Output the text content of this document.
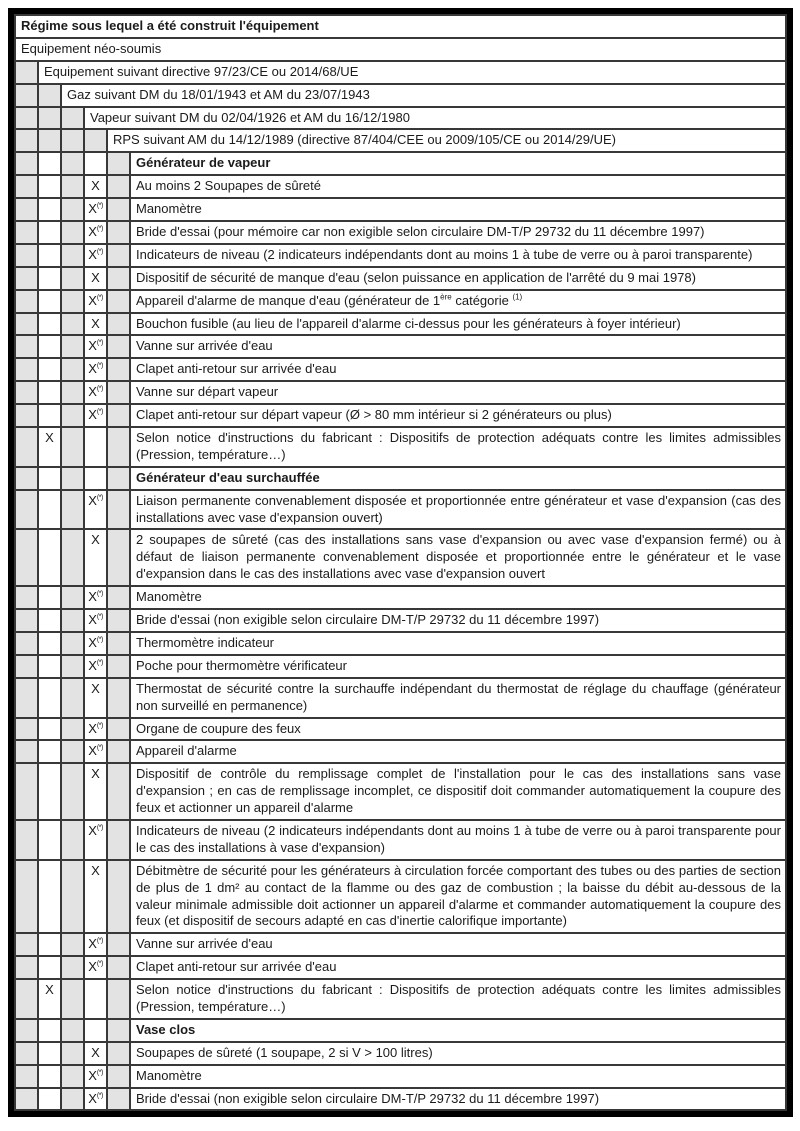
Régime sous lequel a été construit l'équipement					
Equipement néo-soumis					
	Equipement suivant directive 97/23/CE ou 2014/68/UE				
		Gaz suivant DM du 18/01/1943 et AM du 23/07/1943			
			Vapeur suivant DM du 02/04/1926 et AM du 16/12/1980		
				RPS suivant AM du 14/12/1989 (directive 87/404/CEE ou 2009/105/CE ou 2014/29/UE)	
					Générateur de vapeur
			X		Au moins 2 Soupapes de sûreté
			X(*)		Manomètre
			X(*)		Bride d'essai (pour mémoire car non exigible selon circulaire DM-T/P 29732 du 11 décembre 1997)
			X(*)		Indicateurs de niveau (2 indicateurs indépendants dont au moins 1 à tube de verre ou à paroi transparente)
			X		Dispositif de sécurité de manque d'eau (selon puissance en application de l'arrêté du 9 mai 1978)
			X(*)		Appareil d'alarme de manque d'eau (générateur de 1ère catégorie $^{(1)}$
			X		Bouchon fusible (au lieu de l'appareil d'alarme ci-dessus pour les générateurs à foyer intérieur)
			X(*)		Vanne sur arrivée d'eau
			X(*)		Clapet anti-retour sur arrivée d'eau
			X(*)		Vanne sur départ vapeur
			X(*)		Clapet anti-retour sur départ vapeur (Ø > 80 mm intérieur si 2 générateurs ou plus)
	X				Selon notice d'instructions du fabricant : Dispositifs de protection adéquats contre les limites admissibles (Pression, température…)
					Générateur d'eau surchauffée
			X(*)		Liaison permanente convenablement disposée et proportionnée entre générateur et vase d'expansion (cas des installations avec vase d'expansion ouvert)
			X		2 soupapes de sûreté (cas des installations sans vase d'expansion ou avec vase d'expansion fermé) ou à défaut de liaison permanente convenablement disposée et proportionnée entre le générateur et le vase d'expansion dans le cas des installations avec vase d'expansion ouvert
			X(*)		Manomètre
			X(*)		Bride d'essai (non exigible selon circulaire DM-T/P 29732 du 11 décembre 1997)
			X(*)		Thermomètre indicateur
			X(*)		Poche pour thermomètre vérificateur
			X		Thermostat de sécurité contre la surchauffe indépendant du thermostat de réglage du chauffage (générateur non surveillé en permanence)
			X(*)		Organe de coupure des feux
			X(*)		Appareil d'alarme
			X		Dispositif de contrôle du remplissage complet de l'installation pour le cas des installations sans vase d'expansion ; en cas de remplissage incomplet, ce dispositif doit commander automatiquement la coupure des feux et actionner un appareil d'alarme
			X(*)		Indicateurs de niveau (2 indicateurs indépendants dont au moins 1 à tube de verre ou à paroi transparente pour le cas des installations à vase d'expansion)
			X		Débitmètre de sécurité pour les générateurs à circulation forcée comportant des tubes ou des parties de section de plus de 1 dm² au contact de la flamme ou des gaz de combustion ; la baisse du débit au-dessous de la valeur minimale admissible doit actionner un appareil d'alarme et commander automatiquement la coupure des feux (et dispositif de secours adapté en cas d'inertie calorifique importante)
			X(*)		Vanne sur arrivée d'eau
			X(*)		Clapet anti-retour sur arrivée d'eau
	X				Selon notice d'instructions du fabricant : Dispositifs de protection adéquats contre les limites admissibles (Pression, température…)
					Vase clos
			X		Soupapes de sûreté (1 soupape, 2 si V > 100 litres)
			X(*)		Manomètre
			X(*)		Bride d'essai (non exigible selon circulaire DM-T/P 29732 du 11 décembre 1997)
